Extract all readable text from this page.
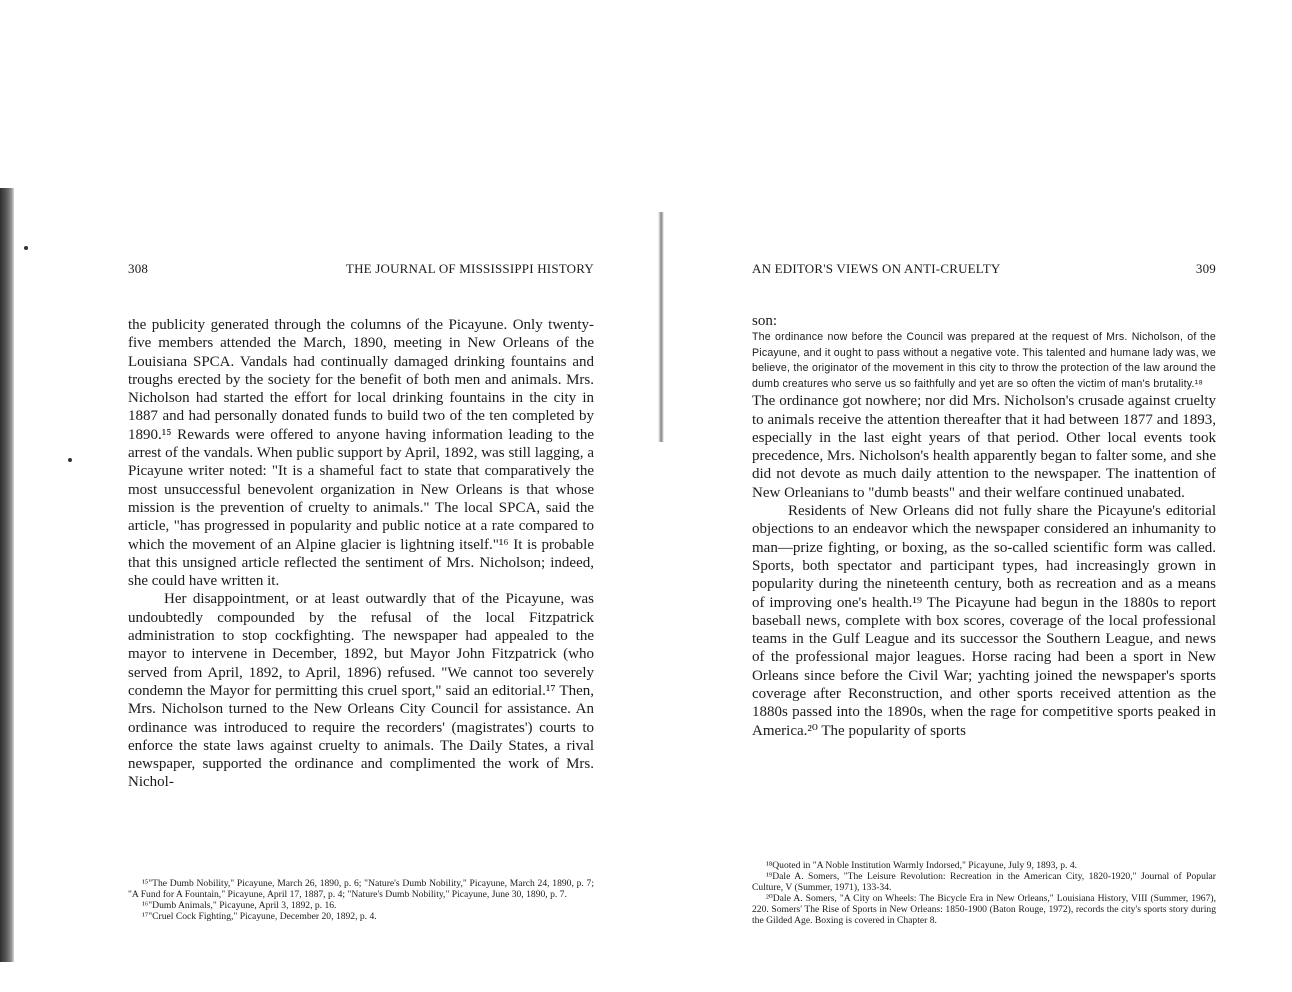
308	THE JOURNAL OF MISSISSIPPI HISTORY

the publicity generated through the columns of the Picayune. Only twenty-five members attended the March, 1890, meeting in New Orleans of the Louisiana SPCA. Vandals had continually damaged drinking fountains and troughs erected by the society for the benefit of both men and animals. Mrs. Nicholson had started the effort for local drinking fountains in the city in 1887 and had personally donated funds to build two of the ten completed by 1890.¹⁵ Rewards were offered to anyone having information leading to the arrest of the vandals. When public support by April, 1892, was still lagging, a Picayune writer noted: "It is a shameful fact to state that comparatively the most unsuccessful benevolent organization in New Orleans is that whose mission is the prevention of cruelty to animals." The local SPCA, said the article, "has progressed in popularity and public notice at a rate compared to which the movement of an Alpine glacier is lightning itself."¹⁶ It is probable that this unsigned article reflected the sentiment of Mrs. Nicholson; indeed, she could have written it.

Her disappointment, or at least outwardly that of the Picayune, was undoubtedly compounded by the refusal of the local Fitzpatrick administration to stop cockfighting. The newspaper had appealed to the mayor to intervene in December, 1892, but Mayor John Fitzpatrick (who served from April, 1892, to April, 1896) refused. "We cannot too severely condemn the Mayor for permitting this cruel sport," said an editorial.¹⁷ Then, Mrs. Nicholson turned to the New Orleans City Council for assistance. An ordinance was introduced to require the recorders' (magistrates') courts to enforce the state laws against cruelty to animals. The Daily States, a rival newspaper, supported the ordinance and complimented the work of Mrs. Nichol-

¹⁵"The Dumb Nobility," Picayune, March 26, 1890, p. 6; "Nature's Dumb Nobility," Picayune, March 24, 1890, p. 7; "A Fund for A Fountain," Picayune, April 17, 1887, p. 4; "Nature's Dumb Nobility," Picayune, June 30, 1890, p. 7.

¹⁶"Dumb Animals," Picayune, April 3, 1892, p. 16.

¹⁷"Cruel Cock Fighting," Picayune, December 20, 1892, p. 4.

AN EDITOR'S VIEWS ON ANTI-CRUELTY	309

son:

The ordinance now before the Council was prepared at the request of Mrs. Nicholson, of the Picayune, and it ought to pass without a negative vote. This talented and humane lady was, we believe, the originator of the movement in this city to throw the protection of the law around the dumb creatures who serve us so faithfully and yet are so often the victim of man's brutality.¹⁸

The ordinance got nowhere; nor did Mrs. Nicholson's crusade against cruelty to animals receive the attention thereafter that it had between 1877 and 1893, especially in the last eight years of that period. Other local events took precedence, Mrs. Nicholson's health apparently began to falter some, and she did not devote as much daily attention to the newspaper. The inattention of New Orleanians to "dumb beasts" and their welfare continued unabated.

Residents of New Orleans did not fully share the Picayune's editorial objections to an endeavor which the newspaper considered an inhumanity to man—prize fighting, or boxing, as the so-called scientific form was called. Sports, both spectator and participant types, had increasingly grown in popularity during the nineteenth century, both as recreation and as a means of improving one's health.¹⁹ The Picayune had begun in the 1880s to report baseball news, complete with box scores, coverage of the local professional teams in the Gulf League and its successor the Southern League, and news of the professional major leagues. Horse racing had been a sport in New Orleans since before the Civil War; yachting joined the newspaper's sports coverage after Reconstruction, and other sports received attention as the 1880s passed into the 1890s, when the rage for competitive sports peaked in America.²⁰ The popularity of sports

¹⁸Quoted in "A Noble Institution Warmly Indorsed," Picayune, July 9, 1893, p. 4.

¹⁹Dale A. Somers, "The Leisure Revolution: Recreation in the American City, 1820-1920," Journal of Popular Culture, V (Summer, 1971), 133-34.

²⁰Dale A. Somers, "A City on Wheels: The Bicycle Era in New Orleans," Louisiana History, VIII (Summer, 1967), 220. Somers' The Rise of Sports in New Orleans: 1850-1900 (Baton Rouge, 1972), records the city's sports story during the Gilded Age. Boxing is covered in Chapter 8.
